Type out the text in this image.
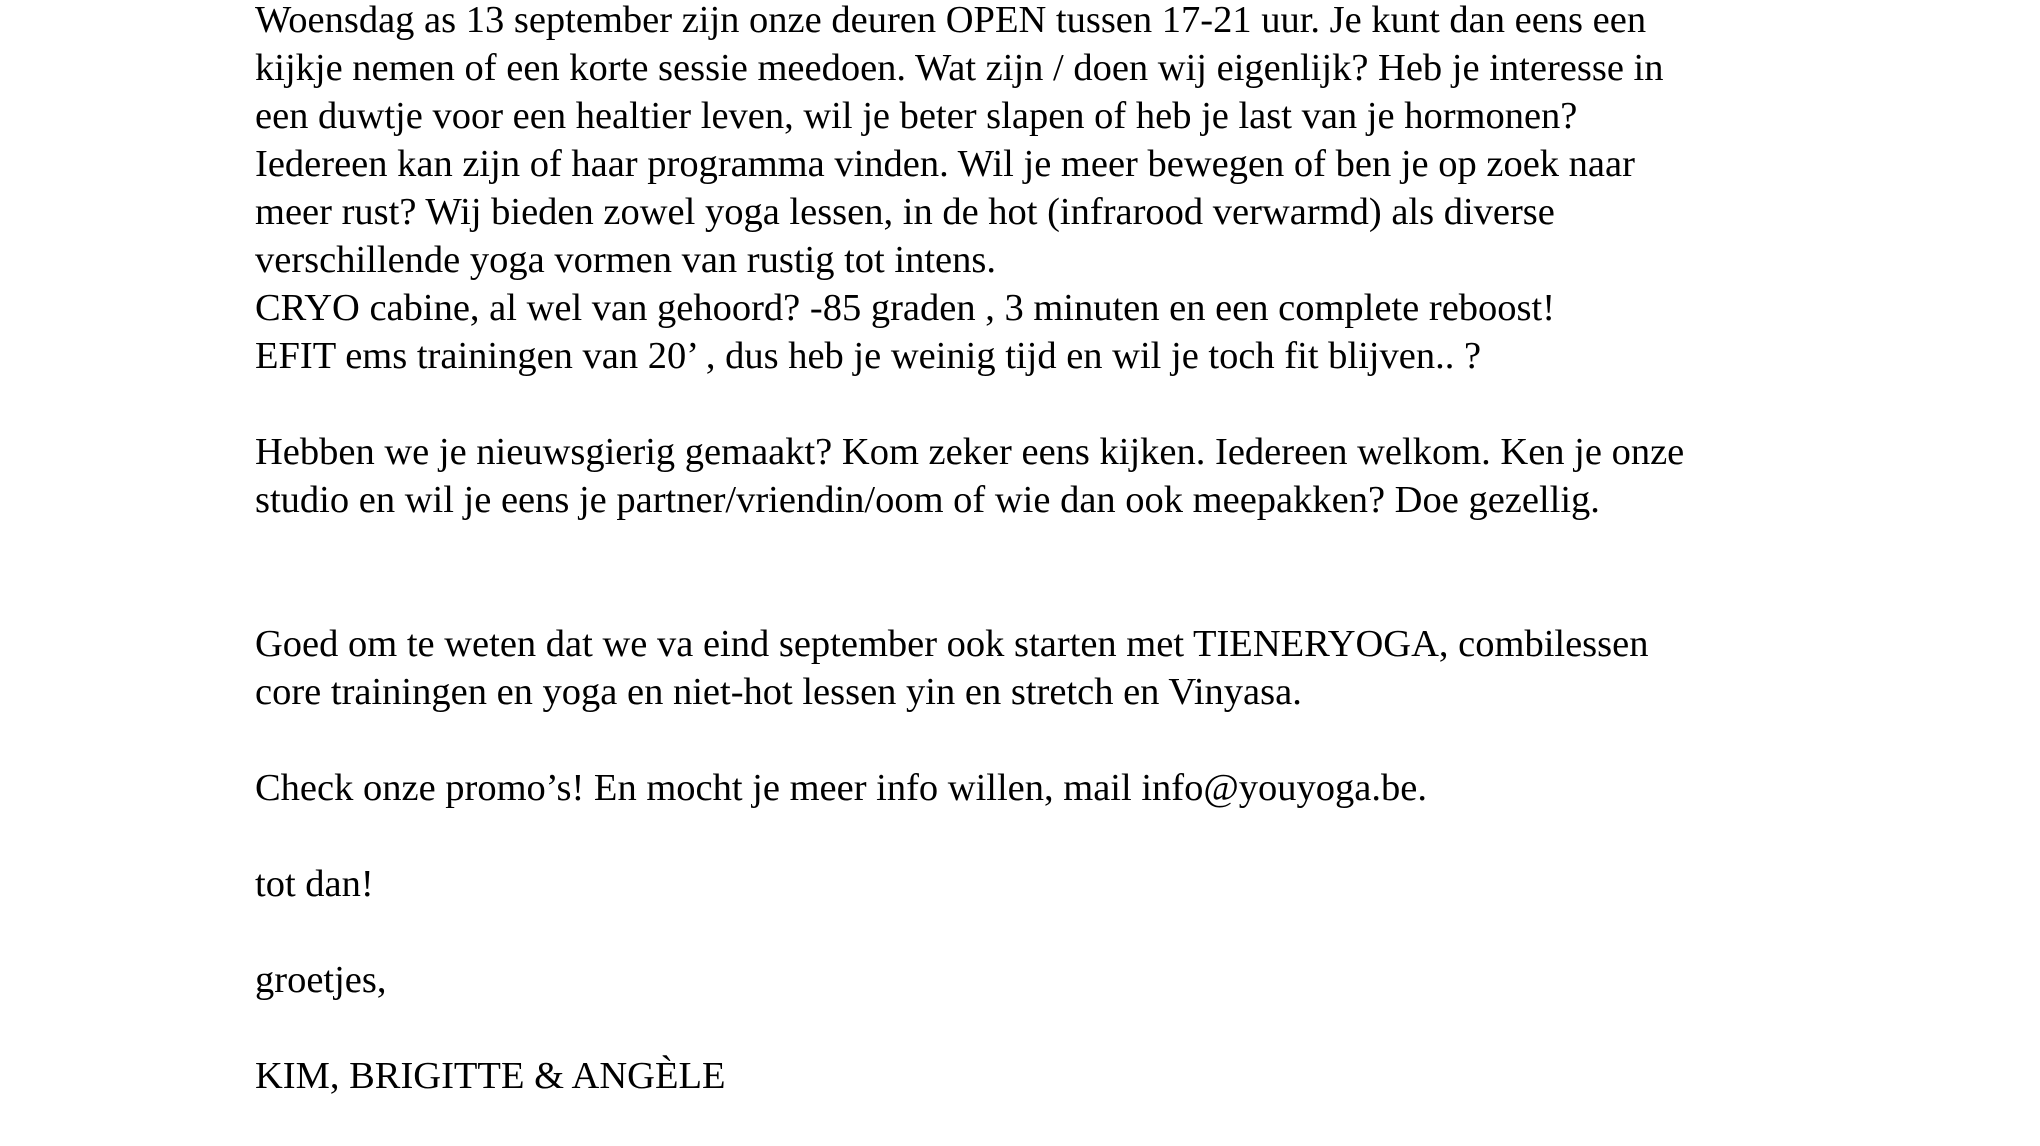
Woensdag as 13 september zijn onze deuren OPEN tussen 17-21 uur. Je kunt dan eens een
kijkje nemen of een korte sessie meedoen. Wat zijn / doen wij eigenlijk? Heb je interesse in
een duwtje voor een healtier leven, wil je beter slapen of heb je last van je hormonen?
Iedereen kan zijn of haar programma vinden. Wil je meer bewegen of ben je op zoek naar
meer rust? Wij bieden zowel yoga lessen, in de hot (infrarood verwarmd) als diverse
verschillende yoga vormen van rustig tot intens.
CRYO cabine, al wel van gehoord? -85 graden , 3 minuten en een complete reboost!
EFIT ems trainingen van 20’ , dus heb je weinig tijd en wil je toch fit blijven.. ?
Hebben we je nieuwsgierig gemaakt? Kom zeker eens kijken. Iedereen welkom. Ken je onze
studio en wil je eens je partner/vriendin/oom of wie dan ook meepakken? Doe gezellig.
Goed om te weten dat we va eind september ook starten met TIENERYOGA, combilessen
core trainingen en yoga en niet-hot lessen yin en stretch en Vinyasa.
Check onze promo’s! En mocht je meer info willen, mail info@youyoga.be.
tot dan!
groetjes,
KIM, BRIGITTE & ANGÈLE
